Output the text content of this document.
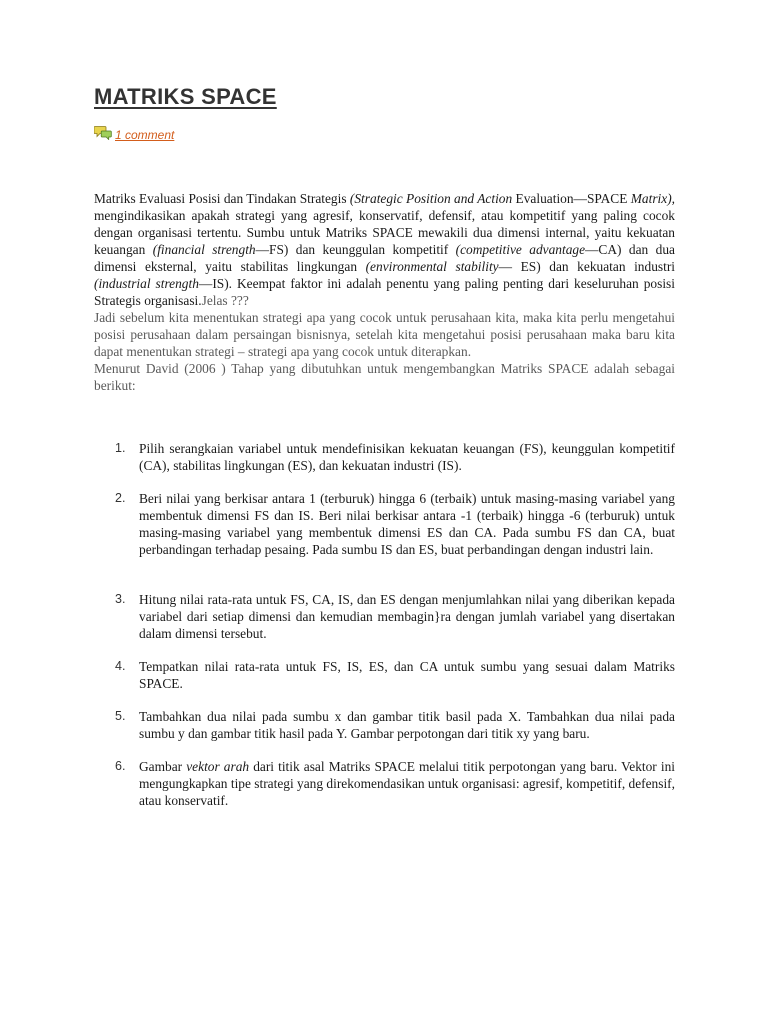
MATRIKS SPACE
1 comment

Matriks Evaluasi Posisi dan Tindakan Strategis (Strategic Position and Action Evaluation—SPACE Matrix), mengindikasikan apakah strategi yang agresif, konservatif, defensif, atau kompetitif yang paling cocok dengan organisasi tertentu. Sumbu untuk Matriks SPACE mewakili dua dimensi internal, yaitu kekuatan keuangan (financial strength—FS) dan keunggulan kompetitif (competitive advantage—CA) dan dua dimensi eksternal, yaitu stabilitas lingkungan (environmental stability— ES) dan kekuatan industri (industrial strength—IS). Keempat faktor ini adalah penentu yang paling penting dari keseluruhan posisi Strategis organisasi.Jelas ???

Jadi sebelum kita menentukan strategi apa yang cocok untuk perusahaan kita, maka kita perlu mengetahui posisi perusahaan dalam persaingan bisnisnya, setelah kita mengetahui posisi perusahaan maka baru kita dapat menentukan strategi – strategi apa yang cocok untuk diterapkan.

Menurut David (2006 ) Tahap yang dibutuhkan untuk mengembangkan Matriks SPACE adalah sebagai berikut:

1. Pilih serangkaian variabel untuk mendefinisikan kekuatan keuangan (FS), keunggulan kompetitif (CA), stabilitas lingkungan (ES), dan kekuatan industri (IS).
2. Beri nilai yang berkisar antara 1 (terburuk) hingga 6 (terbaik) untuk masing-masing variabel yang membentuk dimensi FS dan IS. Beri nilai berkisar antara -1 (terbaik) hingga -6 (terburuk) untuk masing-masing variabel yang membentuk dimensi ES dan CA. Pada sumbu FS dan CA, buat perbandingan terhadap pesaing. Pada sumbu IS dan ES, buat perbandingan dengan industri lain.
3. Hitung nilai rata-rata untuk FS, CA, IS, dan ES dengan menjumlahkan nilai yang diberikan kepada variabel dari setiap dimensi dan kemudian membagin}ra dengan jumlah variabel yang disertakan dalam dimensi tersebut.
4. Tempatkan nilai rata-rata untuk FS, IS, ES, dan CA untuk sumbu yang sesuai dalam Matriks SPACE.
5. Tambahkan dua nilai pada sumbu x dan gambar titik basil pada X. Tambahkan dua nilai pada sumbu y dan gambar titik hasil pada Y. Gambar perpotongan dari titik xy yang baru.
6. Gambar vektor arah dari titik asal Matriks SPACE melalui titik perpotongan yang baru. Vektor ini mengungkapkan tipe strategi yang direkomendasikan untuk organisasi: agresif, kompetitif, defensif, atau konservatif.
